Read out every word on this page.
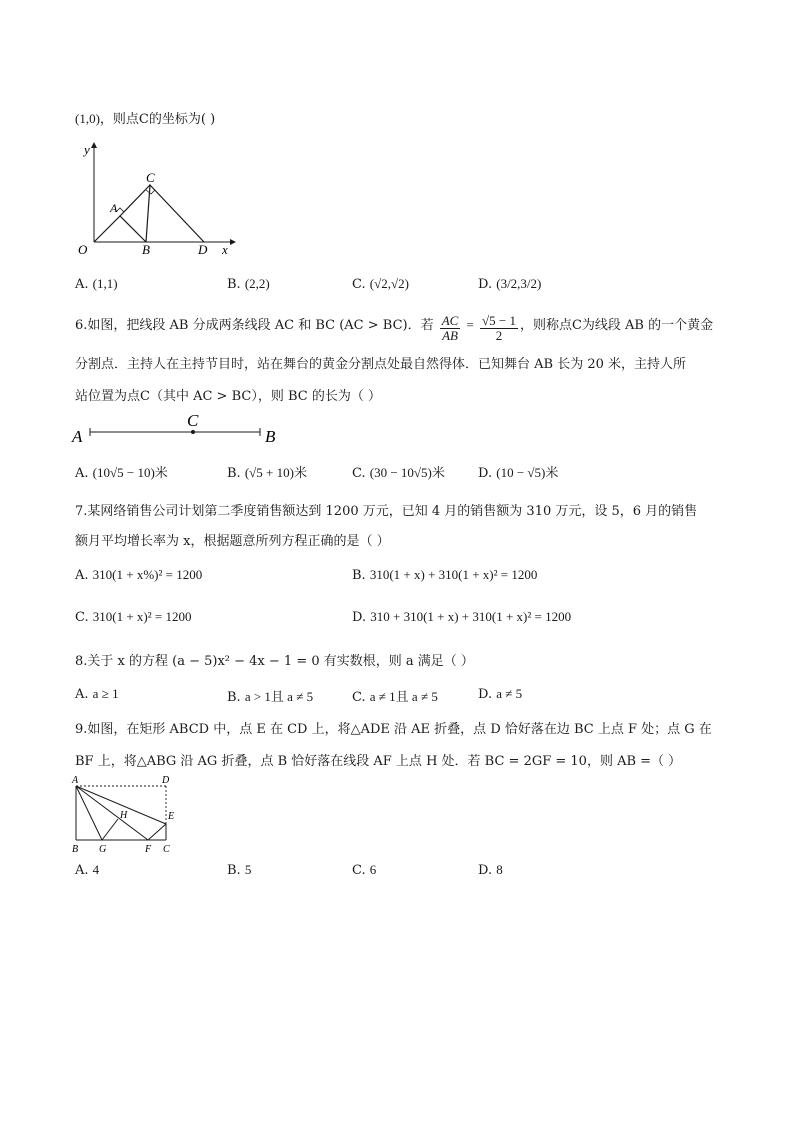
(1,0)，则点C的坐标为( )
y
x
O
A
B
C
D
A. (1,1)	B. (2,2)	C. (√2,√2)	D. (3/2,3/2)
6.如图，把线段 AB 分成两条线段 AC 和 BC (AC > BC)．若 $\frac{AC}{AB} = \frac{√5 - 1}{2}$ ，则称点C为线段 AB 的一个黄金
分割点．主持人在主持节目时，站在舞台的黄金分割点处最自然得体．已知舞台 AB 长为 20 米，主持人所
站位置为点C（其中 AC > BC），则 BC 的长为（ ）
A
C
B
A. (10√5 − 10)米	B. (√5 + 10)米	C. (30 − 10√5)米	D. (10 − √5)米
7.某网络销售公司计划第二季度销售额达到 1200 万元，已知 4 月的销售额为 310 万元，设 5，6 月的销售
额月平均增长率为 x，根据题意所列方程正确的是（ ）
A. 310(1 + x%)² = 1200	B. 310(1 + x) + 310(1 + x)² = 1200
C. 310(1 + x)² = 1200	D. 310 + 310(1 + x) + 310(1 + x)² = 1200
8.关于 x 的方程 (a − 5)x² − 4x − 1 = 0 有实数根，则 a 满足（ ）
A. a ≥ 1	B. a > 1且 a ≠ 5	C. a ≠ 1且 a ≠ 5	D. a ≠ 5
9.如图，在矩形 ABCD 中，点 E 在 CD 上，将△ADE 沿 AE 折叠，点 D 恰好落在边 BC 上点 F 处；点 G 在
BF 上，将△ABG 沿 AG 折叠，点 B 恰好落在线段 AF 上点 H 处．若 BC = 2GF = 10，则 AB =（ ）
A	D
E
H
B G	F C
A. 4	B. 5	C. 6	D. 8
